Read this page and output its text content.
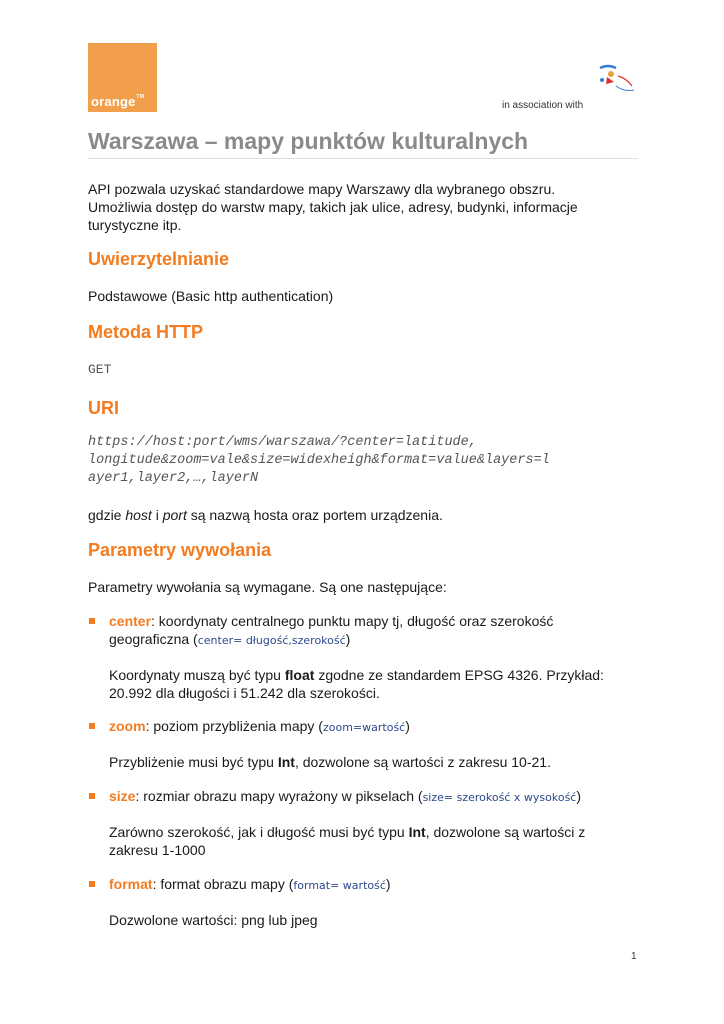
orange™
in association with
Warszawa – mapy punktów kulturalnych

API pozwala uzyskać standardowe mapy Warszawy dla wybranego obszru.

Umożliwia dostęp do warstw mapy, takich jak ulice, adresy, budynki, informacje

turystyczne itp.

Uwierzytelnianie

Podstawowe (Basic http authentication)

Metoda HTTP

GET

URI

https://host:port/wms/warszawa/?center=latitude,

longitude&zoom=vale&size=widexheigh&format=value&layers=l

ayer1,layer2,…,layerN

gdzie host i port są nazwą hosta oraz portem urządzenia.

Parametry wywołania

Parametry wywołania są wymagane. Są one następujące:

center: koordynaty centralnego punktu mapy tj, długość oraz szerokość

geograficzna (center= długość,szerokość)

Koordynaty muszą być typu float zgodne ze standardem EPSG 4326. Przykład:

20.992 dla długości i 51.242 dla szerokości.

zoom: poziom przybliżenia mapy (zoom=wartość)

Przybliżenie musi być typu Int, dozwolone są wartości z zakresu 10-21.

size: rozmiar obrazu mapy wyrażony w pikselach (size= szerokość x wysokość)

Zarówno szerokość, jak i długość musi być typu Int, dozwolone są wartości z

zakresu 1-1000

format: format obrazu mapy (format= wartość)

Dozwolone wartości: png lub jpeg

1
